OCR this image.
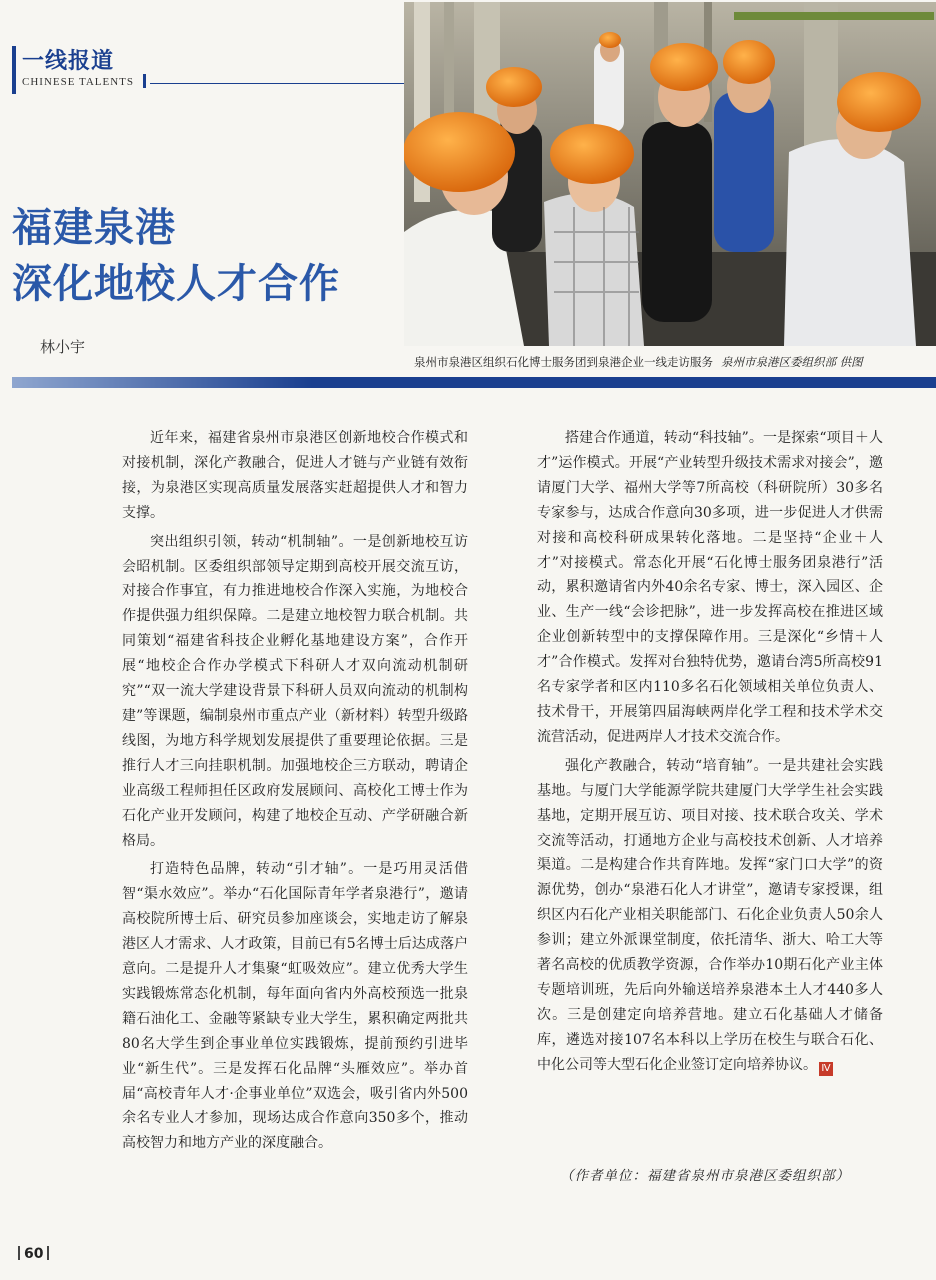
一线报道
CHINESE TALENTS
福建泉港
深化地校人才合作
林小宇
泉州市泉港区组织石化博士服务团到泉港企业一线走访服务 泉州市泉港区委组织部 供图

近年来，福建省泉州市泉港区创新地校合作模式和对接机制，深化产教融合，促进人才链与产业链有效衔接，为泉港区实现高质量发展落实赶超提供人才和智力支撑。

突出组织引领，转动“机制轴”。一是创新地校互访会昭机制。区委组织部领导定期到高校开展交流互访，对接合作事宜，有力推进地校合作深入实施，为地校合作提供强力组织保障。二是建立地校智力联合机制。共同策划“福建省科技企业孵化基地建设方案”，合作开展“地校企合作办学模式下科研人才双向流动机制研究”“双一流大学建设背景下科研人员双向流动的机制构建”等课题，编制泉州市重点产业（新材料）转型升级路线图，为地方科学规划发展提供了重要理论依据。三是推行人才三向挂职机制。加强地校企三方联动，聘请企业高级工程师担任区政府发展顾问、高校化工博士作为石化产业开发顾问，构建了地校企互动、产学研融合新格局。

打造特色品牌，转动“引才轴”。一是巧用灵活借智“渠水效应”。举办“石化国际青年学者泉港行”，邀请高校院所博士后、研究员参加座谈会，实地走访了解泉港区人才需求、人才政策，目前已有5名博士后达成落户意向。二是提升人才集聚“虹吸效应”。建立优秀大学生实践锻炼常态化机制，每年面向省内外高校预选一批泉籍石油化工、金融等紧缺专业大学生，累积确定两批共80名大学生到企事业单位实践锻炼，提前预约引进毕业“新生代”。三是发挥石化品牌“头雁效应”。举办首届“高校青年人才·企事业单位”双选会，吸引省内外500余名专业人才参加，现场达成合作意向350多个，推动高校智力和地方产业的深度融合。

搭建合作通道，转动“科技轴”。一是探索“项目＋人才”运作模式。开展“产业转型升级技术需求对接会”，邀请厦门大学、福州大学等7所高校（科研院所）30多名专家参与，达成合作意向30多项，进一步促进人才供需对接和高校科研成果转化落地。二是坚持“企业＋人才”对接模式。常态化开展“石化博士服务团泉港行”活动，累积邀请省内外40余名专家、博士，深入园区、企业、生产一线“会诊把脉”，进一步发挥高校在推进区域企业创新转型中的支撑保障作用。三是深化“乡情＋人才”合作模式。发挥对台独特优势，邀请台湾5所高校91名专家学者和区内110多名石化领域相关单位负责人、技术骨干，开展第四届海峡两岸化学工程和技术学术交流营活动，促进两岸人才技术交流合作。

强化产教融合，转动“培育轴”。一是共建社会实践基地。与厦门大学能源学院共建厦门大学学生社会实践基地，定期开展互访、项目对接、技术联合攻关、学术交流等活动，打通地方企业与高校技术创新、人才培养渠道。二是构建合作共育阵地。发挥“家门口大学”的资源优势，创办“泉港石化人才讲堂”，邀请专家授课，组织区内石化产业相关职能部门、石化企业负责人50余人参训；建立外派课堂制度，依托清华、浙大、哈工大等著名高校的优质教学资源，合作举办10期石化产业主体专题培训班，先后向外输送培养泉港本土人才440多人次。三是创建定向培养营地。建立石化基础人才储备库，遴选对接107名本科以上学历在校生与联合石化、中化公司等大型石化企业签订定向培养协议。 Ⅳ

（作者单位：福建省泉州市泉港区委组织部）
60
